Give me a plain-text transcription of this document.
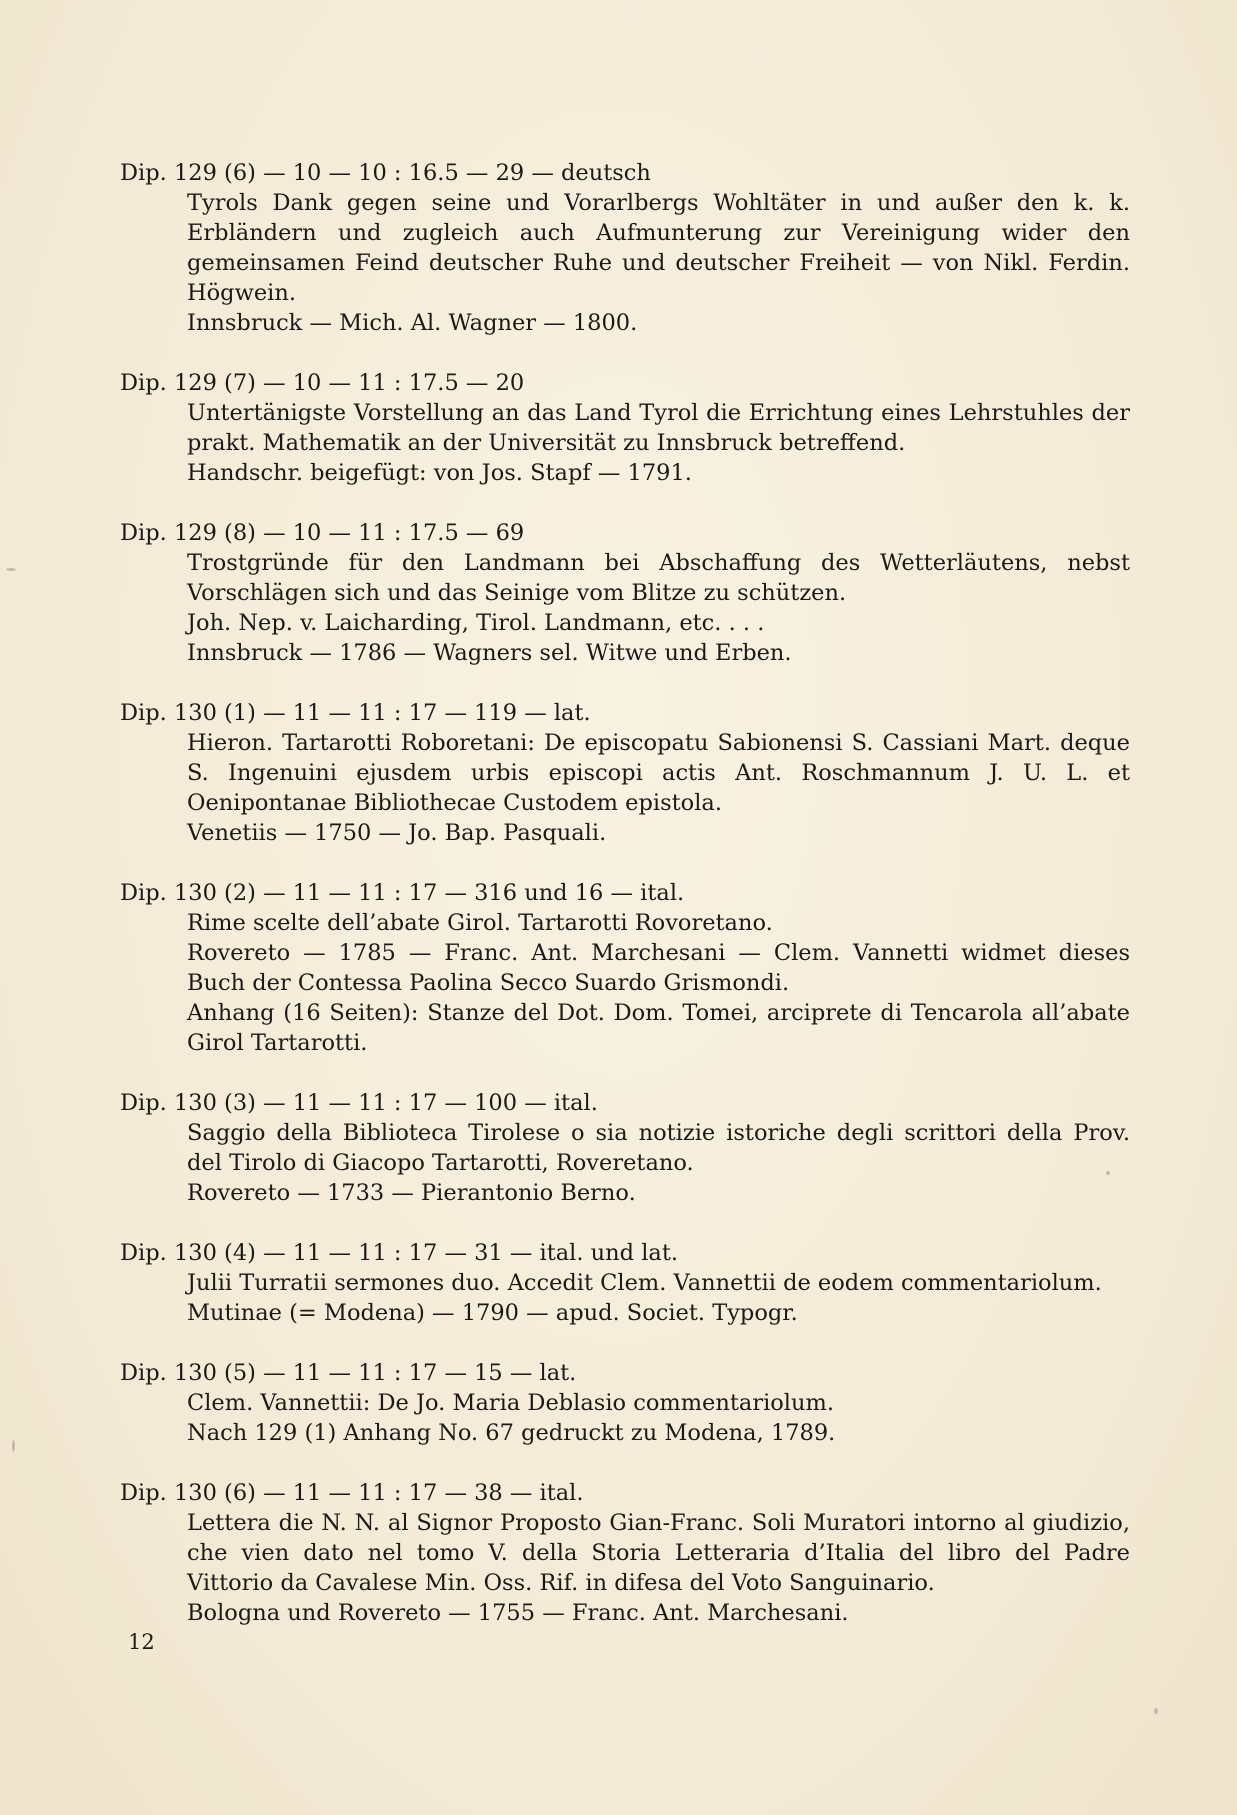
Dip. 129 (6) — 10 — 10 : 16.5 — 29 — deutsch
Tyrols Dank gegen seine und Vorarlbergs Wohltäter in und außer den k. k. Erbländern und zugleich auch Aufmunterung zur Vereinigung wider den gemeinsamen Feind deutscher Ruhe und deutscher Freiheit — von Nikl. Ferdin. Högwein.
Innsbruck — Mich. Al. Wagner — 1800.
Dip. 129 (7) — 10 — 11 : 17.5 — 20
Untertänigste Vorstellung an das Land Tyrol die Errichtung eines Lehrstuhles der prakt. Mathematik an der Universität zu Innsbruck betreffend.
Handschr. beigefügt: von Jos. Stapf — 1791.
Dip. 129 (8) — 10 — 11 : 17.5 — 69
Trostgründe für den Landmann bei Abschaffung des Wetterläutens, nebst Vorschlägen sich und das Seinige vom Blitze zu schützen.
Joh. Nep. v. Laicharding, Tirol. Landmann, etc. . . .
Innsbruck — 1786 — Wagners sel. Witwe und Erben.
Dip. 130 (1) — 11 — 11 : 17 — 119 — lat.
Hieron. Tartarotti Roboretani: De episcopatu Sabionensi S. Cassiani Mart. deque S. Ingenuini ejusdem urbis episcopi actis Ant. Roschmannum J. U. L. et Oenipontanae Bibliothecae Custodem epistola.
Venetiis — 1750 — Jo. Bap. Pasquali.
Dip. 130 (2) — 11 — 11 : 17 — 316 und 16 — ital.
Rime scelte dell’abate Girol. Tartarotti Rovoretano.
Rovereto — 1785 — Franc. Ant. Marchesani — Clem. Vannetti widmet dieses Buch der Contessa Paolina Secco Suardo Grismondi.
Anhang (16 Seiten): Stanze del Dot. Dom. Tomei, arciprete di Tencarola all’abate Girol Tartarotti.
Dip. 130 (3) — 11 — 11 : 17 — 100 — ital.
Saggio della Biblioteca Tirolese o sia notizie istoriche degli scrittori della Prov. del Tirolo di Giacopo Tartarotti, Roveretano.
Rovereto — 1733 — Pierantonio Berno.
Dip. 130 (4) — 11 — 11 : 17 — 31 — ital. und lat.
Julii Turratii sermones duo. Accedit Clem. Vannettii de eodem commentariolum.
Mutinae (= Modena) — 1790 — apud. Societ. Typogr.
Dip. 130 (5) — 11 — 11 : 17 — 15 — lat.
Clem. Vannettii: De Jo. Maria Deblasio commentariolum.
Nach 129 (1) Anhang No. 67 gedruckt zu Modena, 1789.
Dip. 130 (6) — 11 — 11 : 17 — 38 — ital.
Lettera die N. N. al Signor Proposto Gian-Franc. Soli Muratori intorno al giudizio, che vien dato nel tomo V. della Storia Letteraria d’Italia del libro del Padre Vittorio da Cavalese Min. Oss. Rif. in difesa del Voto Sanguinario.
Bologna und Rovereto — 1755 — Franc. Ant. Marchesani.
12
